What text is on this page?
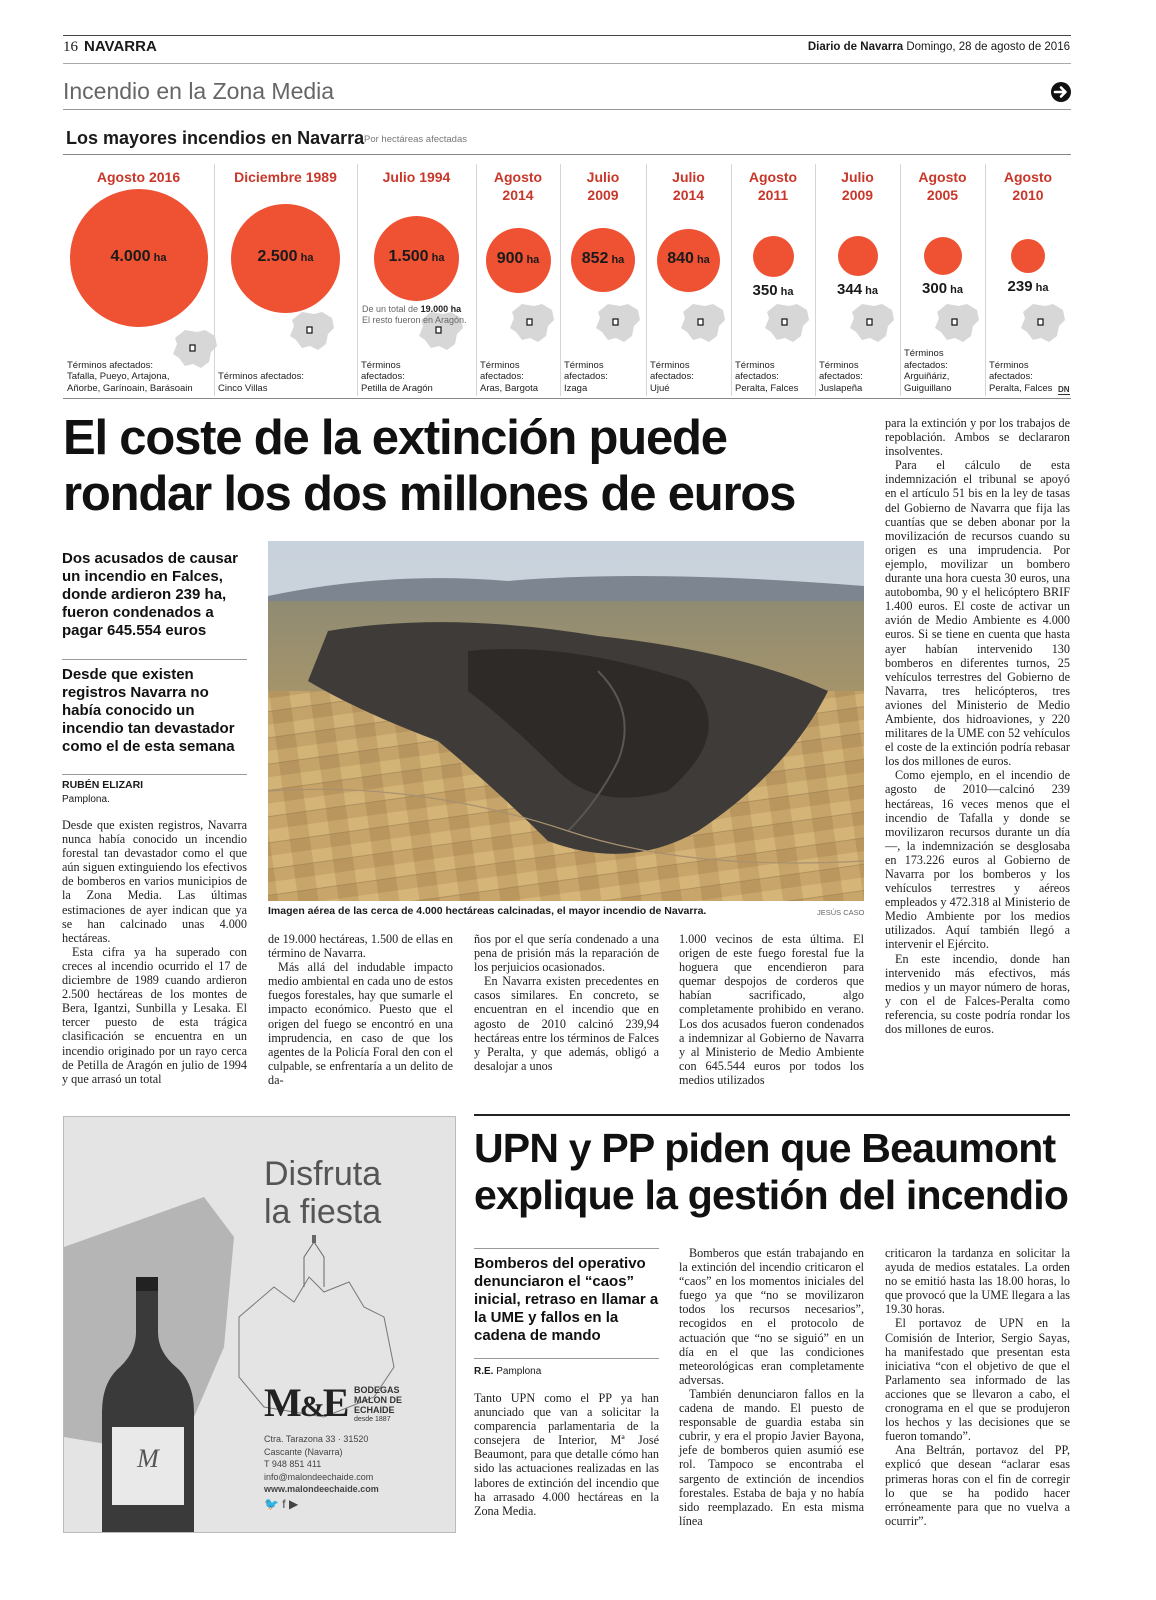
16 NAVARRA	Diario de Navarra Domingo, 28 de agosto de 2016
Incendio en la Zona Media
Los mayores incendios en Navarra Por hectáreas afectadas
Agosto 2016
4.000 ha
Términos afectados:
Tafalla, Pueyo, Artajona,
Añorbe, Garínoain, Barásoain
Diciembre 1989
2.500 ha
Términos afectados:
Cinco Villas
Julio 1994
1.500 ha
Términos
afectados:
Petilla de Aragón
Agosto
2014
900 ha
Términos
afectados:
Aras, Bargota
Julio
2009
852 ha
Términos
afectados:
Izaga
Julio
2014
840 ha
Términos
afectados:
Ujué
Agosto
2011
350 ha
Términos
afectados:
Peralta, Falces
Julio
2009
344 ha
Términos
afectados:
Juslapeña
Agosto
2005
300 ha
Términos
afectados:
Arguiñáriz,
Guiguillano
Agosto
2010
239 ha
Términos
afectados:
Peralta, Falces
De un total de 19.000 ha
El resto fueron en Aragón.
DN
El coste de la extinción puede rondar los dos millones de euros
Dos acusados de causar un incendio en Falces, donde ardieron 239 ha, fueron condenados a pagar 645.554 euros
Desde que existen registros Navarra no había conocido un incendio tan devastador como el de esta semana
RUBÉN ELIZARI
Pamplona.
Imagen aérea de las cerca de 4.000 hectáreas calcinadas, el mayor incendio de Navarra.	JESÚS CASO

Desde que existen registros, Navarra nunca había conocido un incendio forestal tan devastador como el que aún siguen extinguiendo los efectivos de bomberos en varios municipios de la Zona Media. Las últimas estimaciones de ayer indican que ya se han calcinado unas 4.000 hectáreas.

Esta cifra ya ha superado con creces al incendio ocurrido el 17 de diciembre de 1989 cuando ardieron 2.500 hectáreas de los montes de Bera, Igantzi, Sunbilla y Lesaka. El tercer puesto de esta trágica clasificación se encuentra en un incendio originado por un rayo cerca de Petilla de Aragón en julio de 1994 y que arrasó un total

de 19.000 hectáreas, 1.500 de ellas en término de Navarra.

Más allá del indudable impacto medio ambiental en cada uno de estos fuegos forestales, hay que sumarle el impacto económico. Puesto que el origen del fuego se encontró en una imprudencia, en caso de que los agentes de la Policía Foral den con el culpable, se enfrentaría a un delito de da-

ños por el que sería condenado a una pena de prisión más la reparación de los perjuicios ocasionados.

En Navarra existen precedentes en casos similares. En concreto, se encuentran en el incendio que en agosto de 2010 calcinó 239,94 hectáreas entre los términos de Falces y Peralta, y que además, obligó a desalojar a unos

1.000 vecinos de esta última. El origen de este fuego forestal fue la hoguera que encendieron para quemar despojos de corderos que habían sacrificado, algo completamente prohibido en verano. Los dos acusados fueron condenados a indemnizar al Gobierno de Navarra y al Ministerio de Medio Ambiente con 645.544 euros por todos los medios utilizados

para la extinción y por los trabajos de repoblación. Ambos se declararon insolventes.

Para el cálculo de esta indemnización el tribunal se apoyó en el artículo 51 bis en la ley de tasas del Gobierno de Navarra que fija las cuantías que se deben abonar por la movilización de recursos cuando su origen es una imprudencia. Por ejemplo, movilizar un bombero durante una hora cuesta 30 euros, una autobomba, 90 y el helicóptero BRIF 1.400 euros. El coste de activar un avión de Medio Ambiente es 4.000 euros. Si se tiene en cuenta que hasta ayer habían intervenido 130 bomberos en diferentes turnos, 25 vehículos terrestres del Gobierno de Navarra, tres helicópteros, tres aviones del Ministerio de Medio Ambiente, dos hidroaviones, y 220 militares de la UME con 52 vehículos el coste de la extinción podría rebasar los dos millones de euros.

Como ejemplo, en el incendio de agosto de 2010—calcinó 239 hectáreas, 16 veces menos que el incendio de Tafalla y donde se movilizaron recursos durante un día—, la indemnización se desglosaba en 173.226 euros al Gobierno de Navarra por los bomberos y los vehículos terrestres y aéreos empleados y 472.318 al Ministerio de Medio Ambiente por los medios utilizados. Aquí también llegó a intervenir el Ejército.

En este incendio, donde han intervenido más efectivos, más medios y un mayor número de horas, y con el de Falces-Peralta como referencia, su coste podría rondar los dos millones de euros.

M
Disfruta
la fiesta
M&E BODEGAS
MALON DE ECHAIDE
desde 1887
Ctra. Tarazona 33 · 31520
Cascante (Navarra)
T 948 851 411
info@malondeechaide.com
www.malondeechaide.com
🐦 f ▶
UPN y PP piden que Beaumont explique la gestión del incendio
Bomberos del operativo denunciaron el “caos” inicial, retraso en llamar a la UME y fallos en la cadena de mando
R.E. Pamplona

Tanto UPN como el PP ya han anunciado que van a solicitar la comparencia parlamentaria de la consejera de Interior, Mª José Beaumont, para que detalle cómo han sido las actuaciones realizadas en las labores de extinción del incendio que ha arrasado 4.000 hectáreas en la Zona Media.

Bomberos que están trabajando en la extinción del incendio criticaron el “caos” en los momentos iniciales del fuego ya que “no se movilizaron todos los recursos necesarios”, recogidos en el protocolo de actuación que “no se siguió” en un día en el que las condiciones meteorológicas eran completamente adversas.

También denunciaron fallos en la cadena de mando. El puesto de responsable de guardia estaba sin cubrir, y era el propio Javier Bayona, jefe de bomberos quien asumió ese rol. Tampoco se encontraba el sargento de extinción de incendios forestales. Estaba de baja y no había sido reemplazado. En esta misma línea

criticaron la tardanza en solicitar la ayuda de medios estatales. La orden no se emitió hasta las 18.00 horas, lo que provocó que la UME llegara a las 19.30 horas.

El portavoz de UPN en la Comisión de Interior, Sergio Sayas, ha manifestado que presentan esta iniciativa “con el objetivo de que el Parlamento sea informado de las acciones que se llevaron a cabo, el cronograma en el que se produjeron los hechos y las decisiones que se fueron tomando”.

Ana Beltrán, portavoz del PP, explicó que desean “aclarar esas primeras horas con el fin de corregir lo que se ha podido hacer erróneamente para que no vuelva a ocurrir”.
